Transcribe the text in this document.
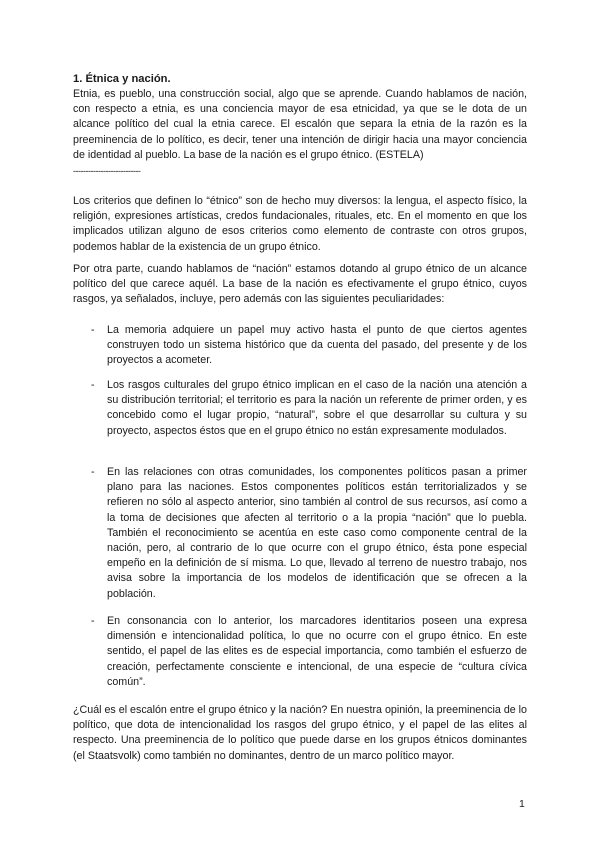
1. Étnica y nación.

Etnia, es pueblo, una construcción social, algo que se aprende. Cuando hablamos de nación, con respecto a etnia, es una conciencia mayor de esa etnicidad, ya que se le dota de un alcance político del cual la etnia carece. El escalón que separa la etnia de la razón es la preeminencia de lo político, es decir, tener una intención de dirigir hacia una mayor conciencia de identidad al pueblo. La base de la nación es el grupo étnico. (ESTELA)

---------------------------

Los criterios que definen lo “étnico” son de hecho muy diversos: la lengua, el aspecto físico, la religión, expresiones artísticas, credos fundacionales, rituales, etc. En el momento en que los implicados utilizan alguno de esos criterios como elemento de contraste con otros grupos, podemos hablar de la existencia de un grupo étnico.

Por otra parte, cuando hablamos de “nación” estamos dotando al grupo étnico de un alcance político del que carece aquél. La base de la nación es efectivamente el grupo étnico, cuyos rasgos, ya señalados, incluye, pero además con las siguientes peculiaridades:

- La memoria adquiere un papel muy activo hasta el punto de que ciertos agentes construyen todo un sistema histórico que da cuenta del pasado, del presente y de los proyectos a acometer.

- Los rasgos culturales del grupo étnico implican en el caso de la nación una atención a su distribución territorial; el territorio es para la nación un referente de primer orden, y es concebido como el lugar propio, “natural”, sobre el que desarrollar su cultura y su proyecto, aspectos éstos que en el grupo étnico no están expresamente modulados.

- En las relaciones con otras comunidades, los componentes políticos pasan a primer plano para las naciones. Estos componentes políticos están territorializados y se refieren no sólo al aspecto anterior, sino también al control de sus recursos, así como a la toma de decisiones que afecten al territorio o a la propia “nación” que lo puebla. También el reconocimiento se acentúa en este caso como componente central de la nación, pero, al contrario de lo que ocurre con el grupo étnico, ésta pone especial empeño en la definición de sí misma. Lo que, llevado al terreno de nuestro trabajo, nos avisa sobre la importancia de los modelos de identificación que se ofrecen a la población.

- En consonancia con lo anterior, los marcadores identitarios poseen una expresa dimensión e intencionalidad política, lo que no ocurre con el grupo étnico. En este sentido, el papel de las elites es de especial importancia, como también el esfuerzo de creación, perfectamente consciente e intencional, de una especie de “cultura cívica común”.

¿Cuál es el escalón entre el grupo étnico y la nación? En nuestra opinión, la preeminencia de lo político, que dota de intencionalidad los rasgos del grupo étnico, y el papel de las elites al respecto. Una preeminencia de lo político que puede darse en los grupos étnicos dominantes (el Staatsvolk) como también no dominantes, dentro de un marco político mayor.

1
